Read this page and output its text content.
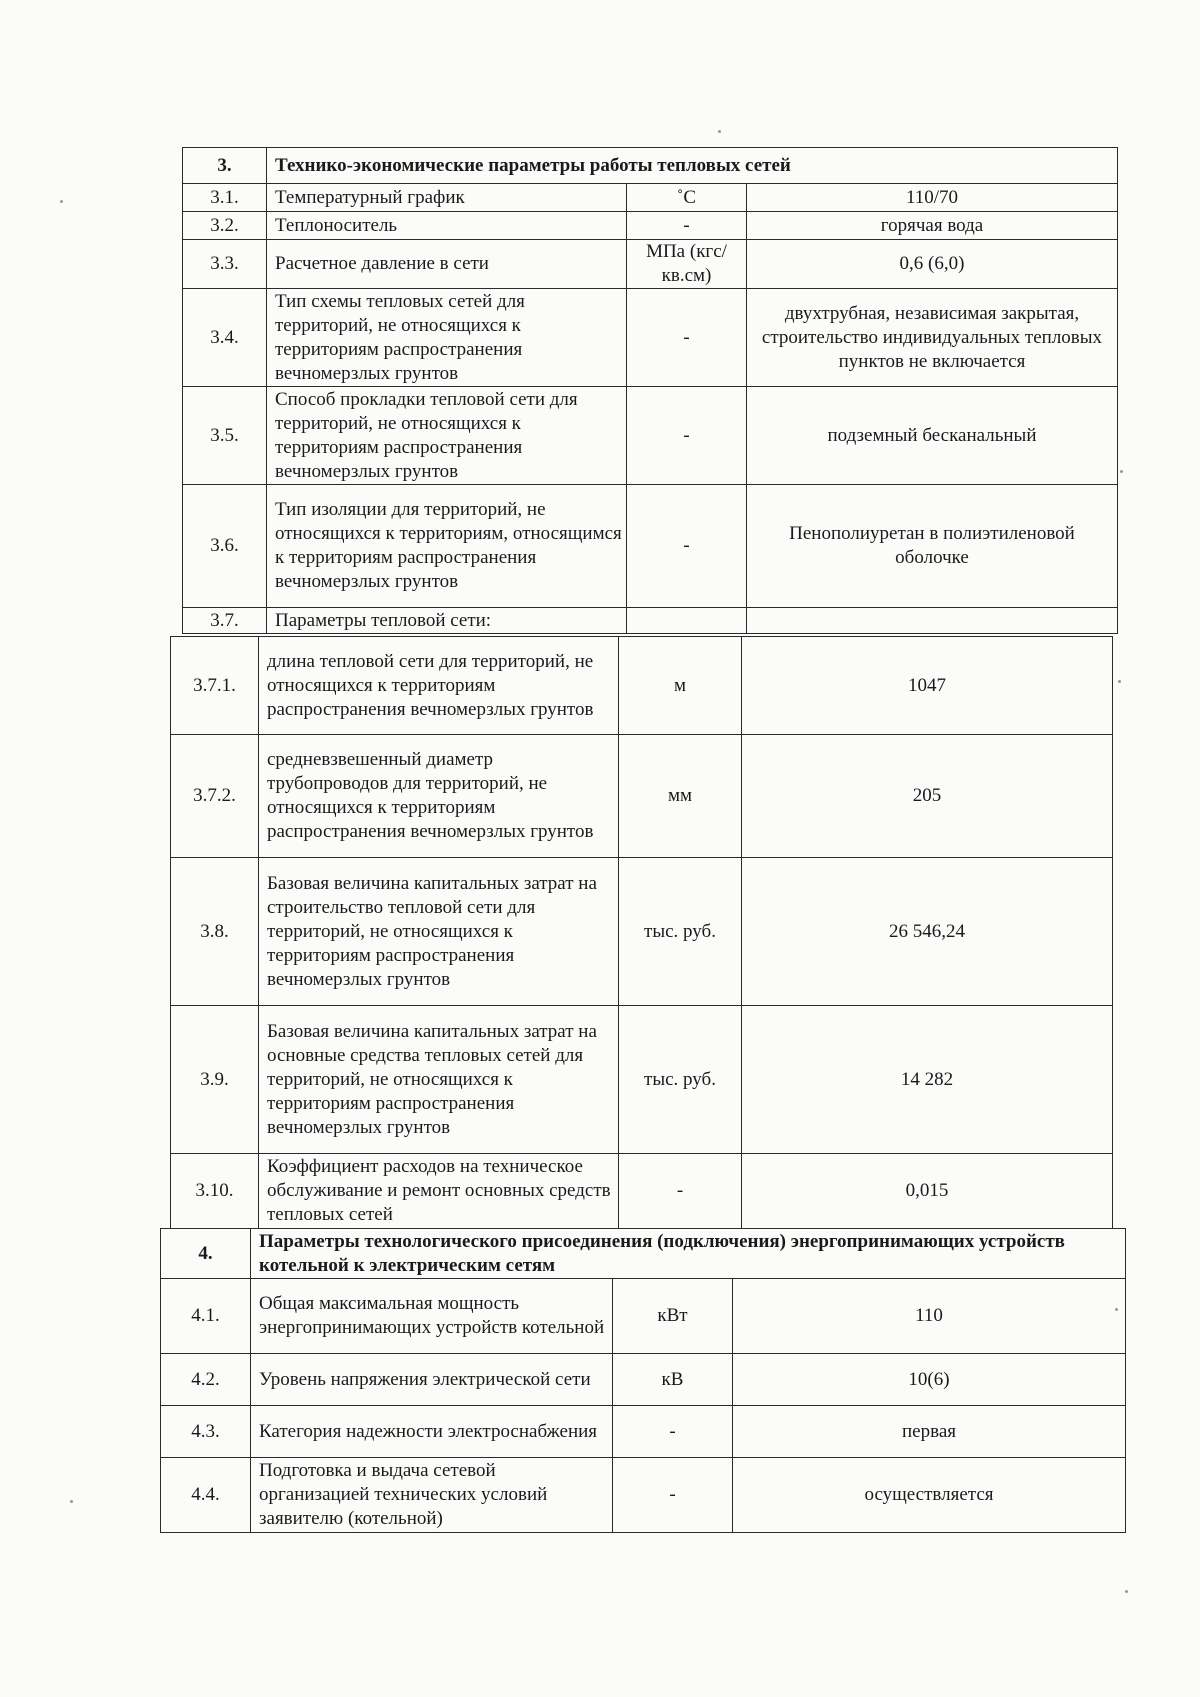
3.	Технико-экономические параметры работы тепловых сетей		
3.1.	Температурный график	˚С	110/70
3.2.	Теплоноситель	-	горячая вода
3.3.	Расчетное давление в сети	МПа (кгс/кв.см)	0,6 (6,0)
3.4.	Тип схемы тепловых сетей для территорий, не относящихся к территориям распространения вечномерзлых грунтов	-	двухтрубная, независимая закрытая, строительство индивидуальных тепловых пунктов не включается
3.5.	Способ прокладки тепловой сети для территорий, не относящихся к территориям распространения вечномерзлых грунтов	-	подземный бесканальный
3.6.	Тип изоляции для территорий, не относящихся к территориям, относящимся к территориям распространения вечномерзлых грунтов	-	Пенополиуретан в полиэтиленовой оболочке
3.7.	Параметры тепловой сети:		
3.7.1.	длина тепловой сети для территорий, не относящихся к территориям распространения вечномерзлых грунтов	м	1047
3.7.2.	средневзвешенный диаметр трубопроводов для территорий, не относящихся к территориям распространения вечномерзлых грунтов	мм	205
3.8.	Базовая величина капитальных затрат на строительство тепловой сети для территорий, не относящихся к территориям распространения вечномерзлых грунтов	тыс. руб.	26 546,24
3.9.	Базовая величина капитальных затрат на основные средства тепловых сетей для территорий, не относящихся к территориям распространения вечномерзлых грунтов	тыс. руб.	14 282
3.10.	Коэффициент расходов на техническое обслуживание и ремонт основных средств тепловых сетей	-	0,015
4.	Параметры технологического присоединения (подключения) энергопринимающих устройств котельной к электрическим сетям		
4.1.	Общая максимальная мощность энергопринимающих устройств котельной	кВт	110
4.2.	Уровень напряжения электрической сети	кВ	10(6)
4.3.	Категория надежности электроснабжения	-	первая
4.4.	Подготовка и выдача сетевой организацией технических условий заявителю (котельной)	-	осуществляется
